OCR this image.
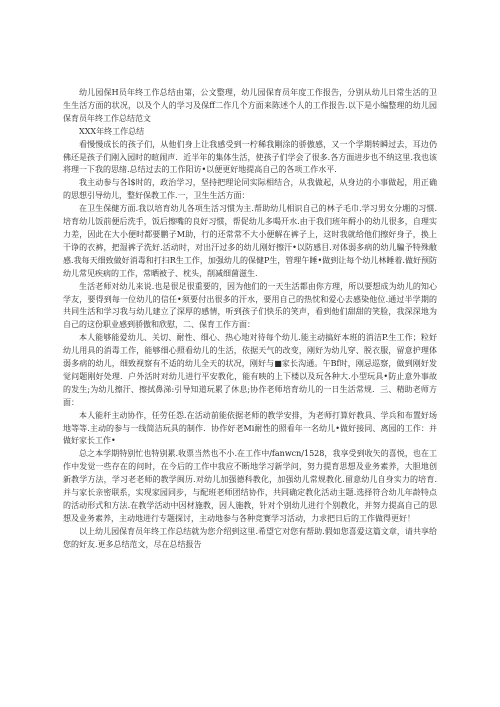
幼儿园保H员年终工作总结由第，公文整理，幼儿园保育员年度工作报告，分别从幼儿日常生活的卫生生活方面的状况，以及个人的学习及保ff二作几个方面来陈述个人的工作报告.以下是小编整理的幼儿园保育员年终工作总结范文

XXX年终工作总结

看慢慢成长的孩子们，从他们身上让我感受到一柠稀我剛涂的骄傲感，又一个学期转瞬过去，耳边仍佛还是孩子们刚入园时的暄闹声．近半年的集体生活，使孩子们学会了很多.各方面进步也不纳这里.我也该将理一下我的思绪.总结过去的工作阳访•以便更好地提高自己的各项工作水平.

我主动参与各l$时的，政治学习，坚持把理论同实际相结合，从我做起，从身边的小事做起，用正确的思想引导幼儿，整好保教工作.一，卫生生活方面：

在卫生保健方面.我以培育幼儿各项生活习惯为主.帮助幼儿相识自己的林子毛巾.学习男女分堋的习惯.培育幼儿饭前便后洗手，饭后擦嘴的良好习惯，帮促幼儿多喝开水.由于我们班年酹小的幼儿很多，自理实力差，因此在大小便时都要鹏子M助，行的还常常不大小便解在裤子上，这时我就给他们擦好身子，换上干诤的衣裤，把湿裤子洗好.活动时，对出汗过多的幼儿刚好擦汗•以防感目.对体弱多病的幼儿騙予特殊敝感.我每天细致做好消毒和打扫R生工作，加强幼儿的保健P生，管理午睡•做到让每个幼儿林睡着.做好预防幼儿常见疾病的工作，常晒被子、枕头，削减细菌滋生.

生活老师对幼儿来说.也是很足很重要的，因为他们的一天生活都由你方理，所以要想成为幼儿的知心学友，要得到每一位幼儿的信任•须要付出很多的汗水，要用自己的热忱和爱心去感染他位.通过半学期的共同生活和学习我与幼儿建立了深厚的感情，听到孩子们快乐的笑声，看到他们甜甜的笑脸，我深深地为自己的这份职业感到骄傲和欣慰，二、保育工作方面：

本人能够能爱幼儿、关切、耐性、细心、热心地对待每个幼儿.能主动搞好本班的消洁P.生工作；粒好幼儿用具的消毒工作，能够细心照看幼儿的生活，依据天气的改变，刚好为幼儿穿、脱衣服，留意护理体弱多病的幼儿，细致视察有不适的幼儿全天的状况，刚好与■家长沟通。午Bf时，刚忌巡察，做到刚好发觉问题刚好处理．户外活时对幼儿进行平安教化，能有映的上下楼以及玩各种大.小型玩具•防止意外事故的发生;为幼儿擦汗、擦拭鼻涕:引导知道玩累了休息;协作老师培育幼儿的一日生活常规．三、精助老师方面：

本人能秆主动协作，任劳任怨.在活动前能依据老师的教学安排，为老师打算好教具、学兵和布置好场地等等.主动的参与一线简洁玩具的制作．协作好老Mi耐性的照看年一名幼儿•做好接同、离园的工作：并做好家长工作•

总之本学期特别忙也特别累.收票当然也不小.在工作中/fanwcn/1528，我享受到收矢的喜悦，也在工作中发觉一些存在的问时，在今后的工作中我应不断地学习新学问，努力提育思想及业务素养，大胆地创新教学方法，学习老老师的教学闽历.对幼儿加强德科教化，加强幼儿常规教化.留意幼儿自身实力的培育.并与家长亲密联系，实现家园同步，与配班老师团结协作，共同确定教化活动主题.选择符合幼儿年龄特点的活动形式和方法.在教学活动中因材施教，因人施教，针对个别幼儿进行个别教化，并努力提高自己的思想及业务素养，主动地进行专题探讨，主动地参与各种竞赛学习活动，力求把日后的工作做得更好！

以上幼儿园保育员年终工作总结就为您介绍到这里.希望它对您有帮助.假如您喜爱这篇文章，请共享给您的好友.更多总结范文，尽在总结报告
